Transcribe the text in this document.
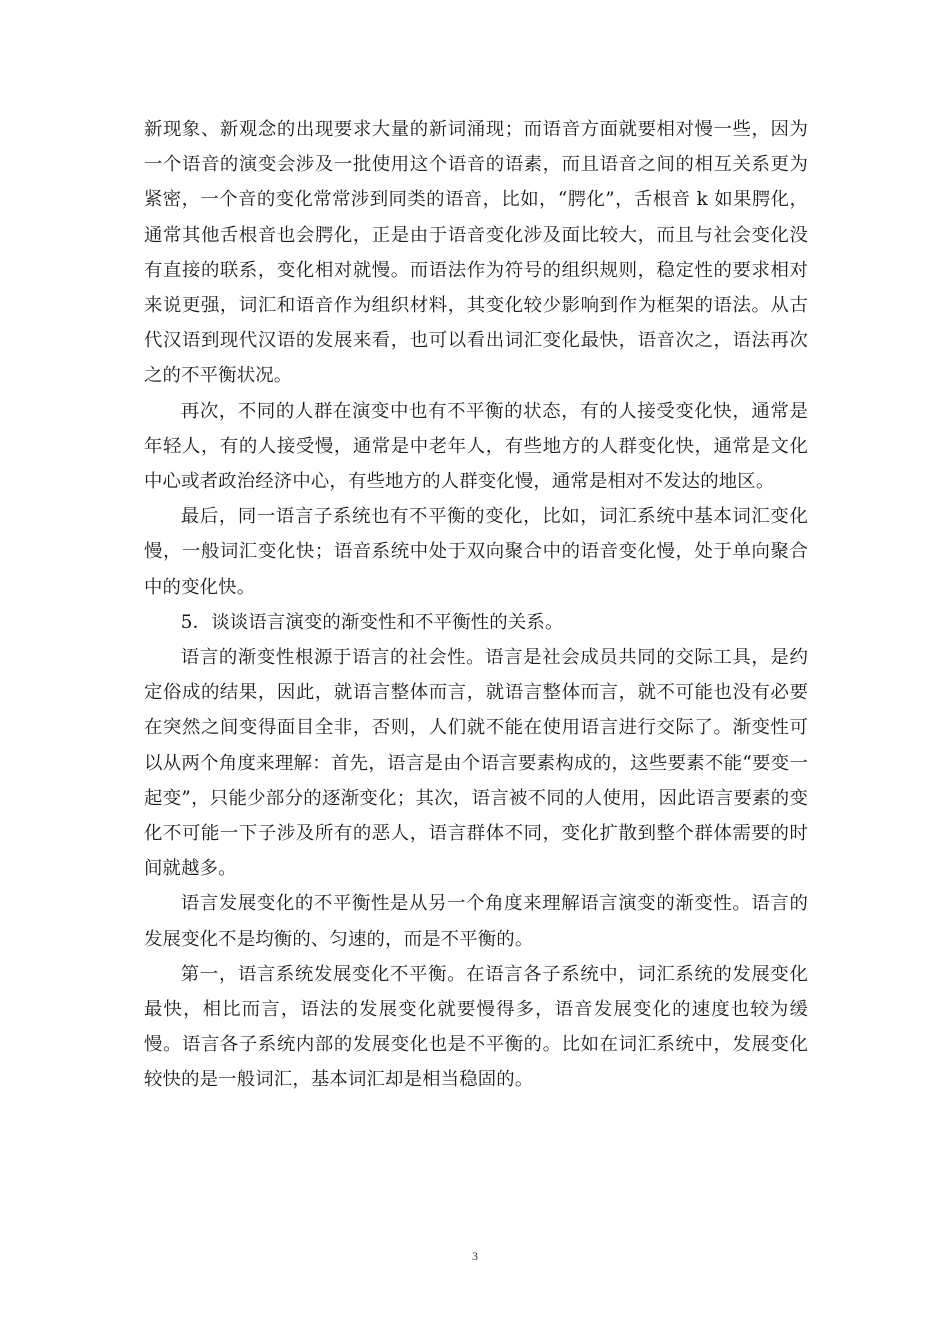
新现象、新观念的出现要求大量的新词涌现；而语音方面就要相对慢一些，因为一个语音的演变会涉及一批使用这个语音的语素，而且语音之间的相互关系更为紧密，一个音的变化常常涉到同类的语音，比如，“腭化”，舌根音 k 如果腭化，通常其他舌根音也会腭化，正是由于语音变化涉及面比较大，而且与社会变化没有直接的联系，变化相对就慢。而语法作为符号的组织规则，稳定性的要求相对来说更强，词汇和语音作为组织材料，其变化较少影响到作为框架的语法。从古代汉语到现代汉语的发展来看，也可以看出词汇变化最快，语音次之，语法再次之的不平衡状况。

再次，不同的人群在演变中也有不平衡的状态，有的人接受变化快，通常是年轻人，有的人接受慢，通常是中老年人，有些地方的人群变化快，通常是文化中心或者政治经济中心，有些地方的人群变化慢，通常是相对不发达的地区。

最后，同一语言子系统也有不平衡的变化，比如，词汇系统中基本词汇变化慢，一般词汇变化快；语音系统中处于双向聚合中的语音变化慢，处于单向聚合中的变化快。

5．谈谈语言演变的渐变性和不平衡性的关系。

语言的渐变性根源于语言的社会性。语言是社会成员共同的交际工具，是约定俗成的结果，因此，就语言整体而言，就语言整体而言，就不可能也没有必要在突然之间变得面目全非，否则，人们就不能在使用语言进行交际了。渐变性可以从两个角度来理解：首先，语言是由个语言要素构成的，这些要素不能“要变一起变”，只能少部分的逐渐变化；其次，语言被不同的人使用，因此语言要素的变化不可能一下子涉及所有的恶人，语言群体不同，变化扩散到整个群体需要的时间就越多。

语言发展变化的不平衡性是从另一个角度来理解语言演变的渐变性。语言的发展变化不是均衡的、匀速的，而是不平衡的。

第一，语言系统发展变化不平衡。在语言各子系统中，词汇系统的发展变化最快，相比而言，语法的发展变化就要慢得多，语音发展变化的速度也较为缓慢。语言各子系统内部的发展变化也是不平衡的。比如在词汇系统中，发展变化较快的是一般词汇，基本词汇却是相当稳固的。

3
